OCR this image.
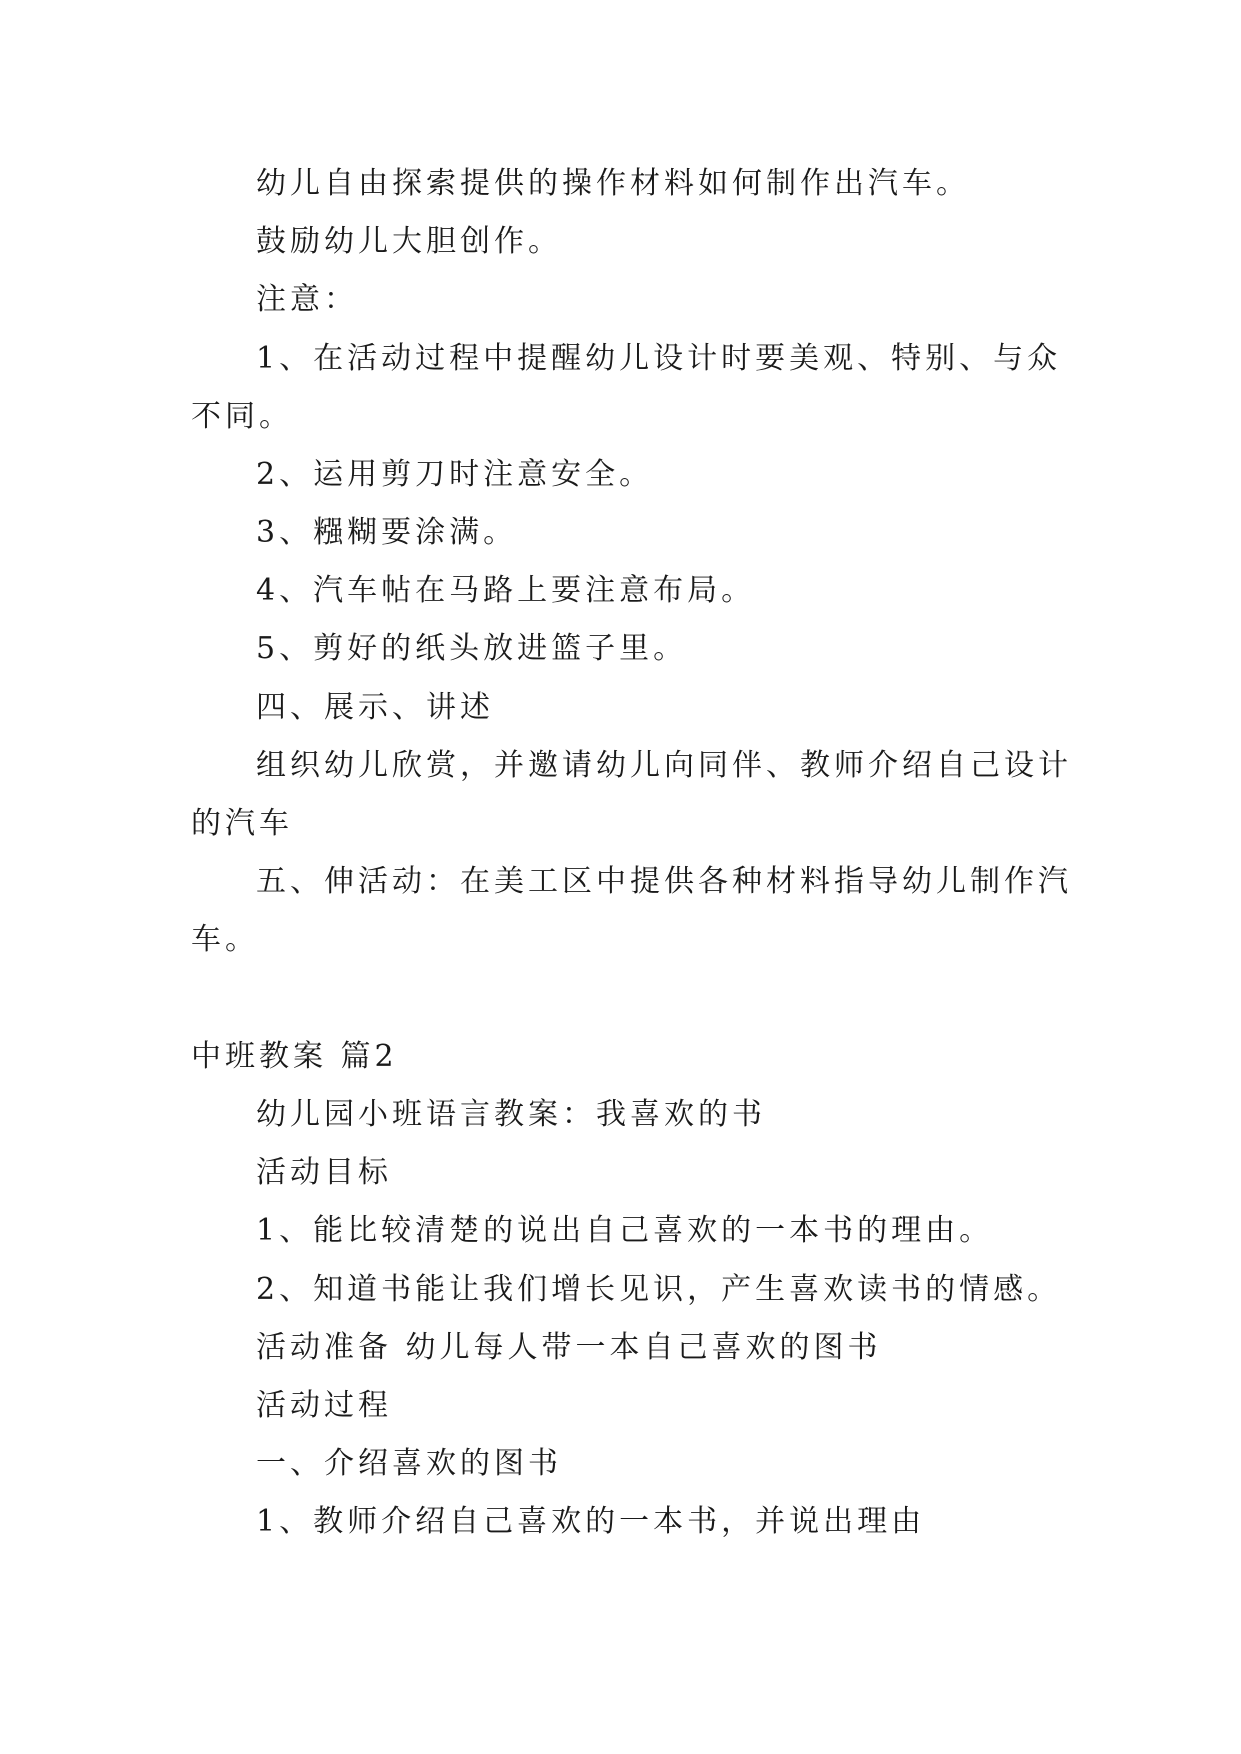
幼儿自由探索提供的操作材料如何制作出汽车。
鼓励幼儿大胆创作。
注意：
1、在活动过程中提醒幼儿设计时要美观、特别、与众
不同。
2、运用剪刀时注意安全。
3、糨糊要涂满。
4、汽车帖在马路上要注意布局。
5、剪好的纸头放进篮子里。
四、展示、讲述
组织幼儿欣赏，并邀请幼儿向同伴、教师介绍自己设计
的汽车
五、伸活动：在美工区中提供各种材料指导幼儿制作汽
车。
中班教案 篇2
幼儿园小班语言教案：我喜欢的书
活动目标
1、能比较清楚的说出自己喜欢的一本书的理由。
2、知道书能让我们增长见识，产生喜欢读书的情感。
活动准备 幼儿每人带一本自己喜欢的图书
活动过程
一、介绍喜欢的图书
1、教师介绍自己喜欢的一本书，并说出理由
